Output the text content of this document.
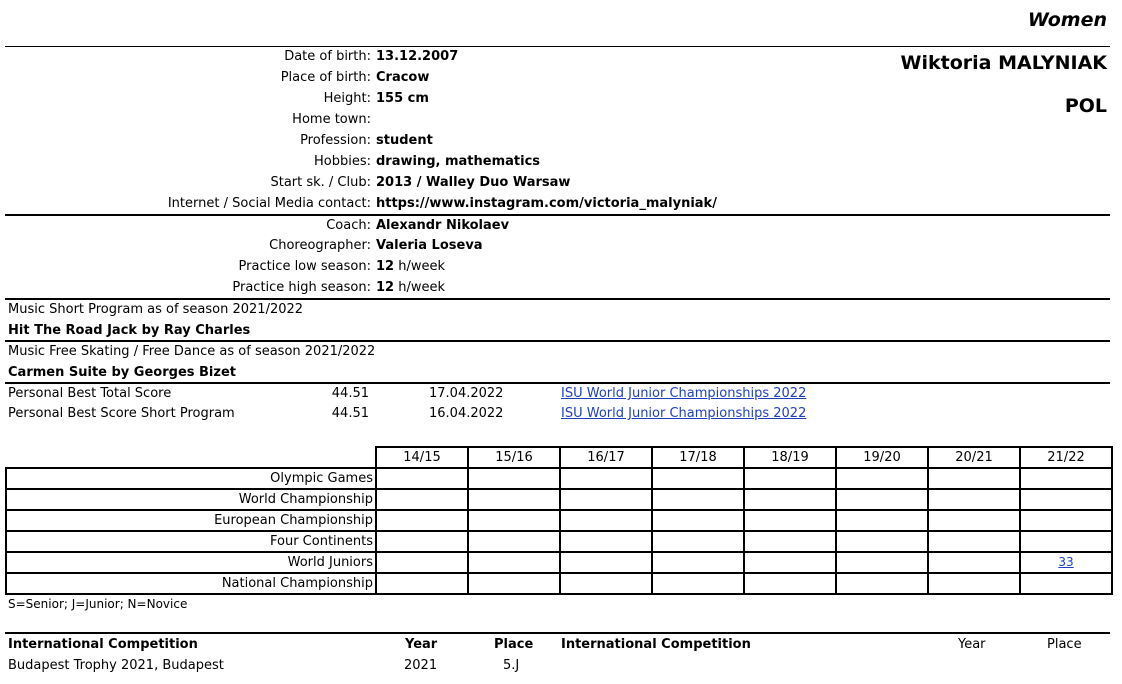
Women
Wiktoria MALYNIAK
POL
Date of birth: 13.12.2007
Place of birth: Cracow
Height: 155 cm
Home town:
Profession: student
Hobbies: drawing, mathematics
Start sk. / Club: 2013 / Walley Duo Warsaw
Internet / Social Media contact: https://www.instagram.com/victoria_malyniak/
Coach: Alexandr Nikolaev
Choreographer: Valeria Loseva
Practice low season: 12 h/week
Practice high season: 12 h/week
Music Short Program as of season 2021/2022
Hit The Road Jack by Ray Charles
Music Free Skating / Free Dance as of season 2021/2022
Carmen Suite by Georges Bizet
Personal Best Total Score	44.51	17.04.2022	ISU World Junior Championships 2022
Personal Best Score Short Program	44.51	16.04.2022	ISU World Junior Championships 2022
	14/15	15/16	16/17	17/18	18/19	19/20	20/21	21/22
Olympic Games								
World Championship								
European Championship								
Four Continents								
World Juniors								33
National Championship								
S=Senior; J=Junior; N=Novice
International Competition	Year	Place International Competition	Year	Place
Budapest Trophy 2021, Budapest	2021	5.J
